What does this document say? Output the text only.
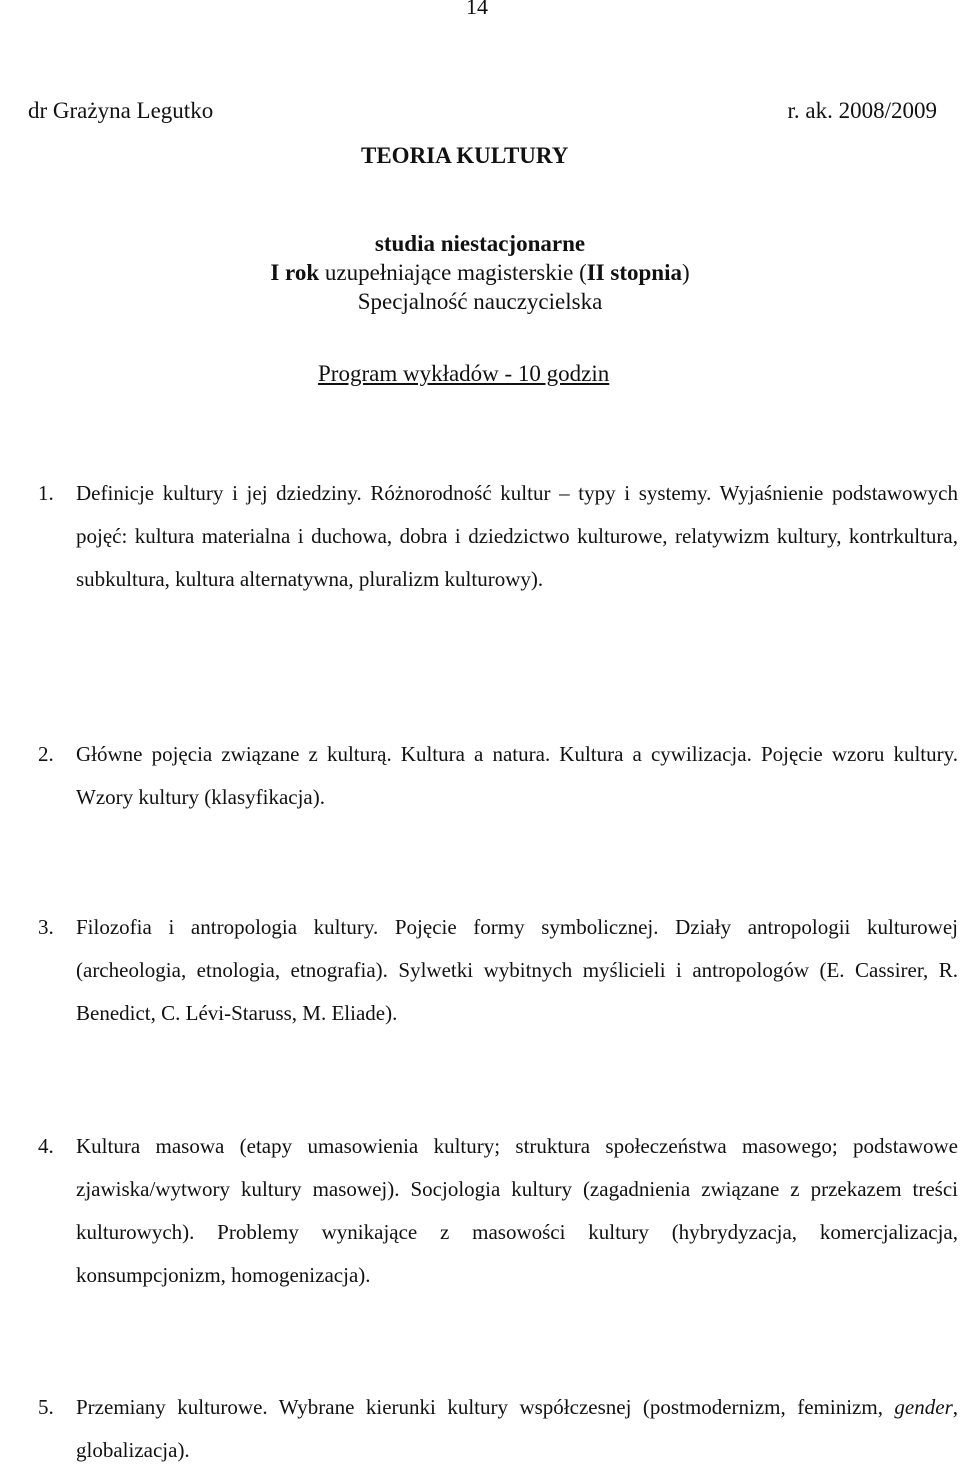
14
dr Grażyna Legutko	r. ak. 2008/2009
TEORIA KULTURY
studia niestacjonarne
I rok uzupełniające magisterskie (II stopnia)
Specjalność nauczycielska
Program wykładów - 10 godzin
1. Definicje kultury i jej dziedziny. Różnorodność kultur – typy i systemy. Wyjaśnienie podstawowych pojęć: kultura materialna i duchowa, dobra i dziedzictwo kulturowe, relatywizm kultury, kontrkultura, subkultura, kultura alternatywna, pluralizm kulturowy).
2. Główne pojęcia związane z kulturą. Kultura a natura. Kultura a cywilizacja. Pojęcie wzoru kultury. Wzory kultury (klasyfikacja).
3. Filozofia i antropologia kultury. Pojęcie formy symbolicznej. Działy antropologii kulturowej (archeologia, etnologia, etnografia). Sylwetki wybitnych myślicieli i antropologów (E. Cassirer, R. Benedict, C. Lévi-Staruss, M. Eliade).
4. Kultura masowa (etapy umasowienia kultury; struktura społeczeństwa masowego; podstawowe zjawiska/wytwory kultury masowej). Socjologia kultury (zagadnienia związane z przekazem treści kulturowych). Problemy wynikające z masowości kultury (hybrydyzacja, komercjalizacja, konsumpcjonizm, homogenizacja).
5. Przemiany kulturowe. Wybrane kierunki kultury współczesnej (postmodernizm, feminizm, gender, globalizacja).
